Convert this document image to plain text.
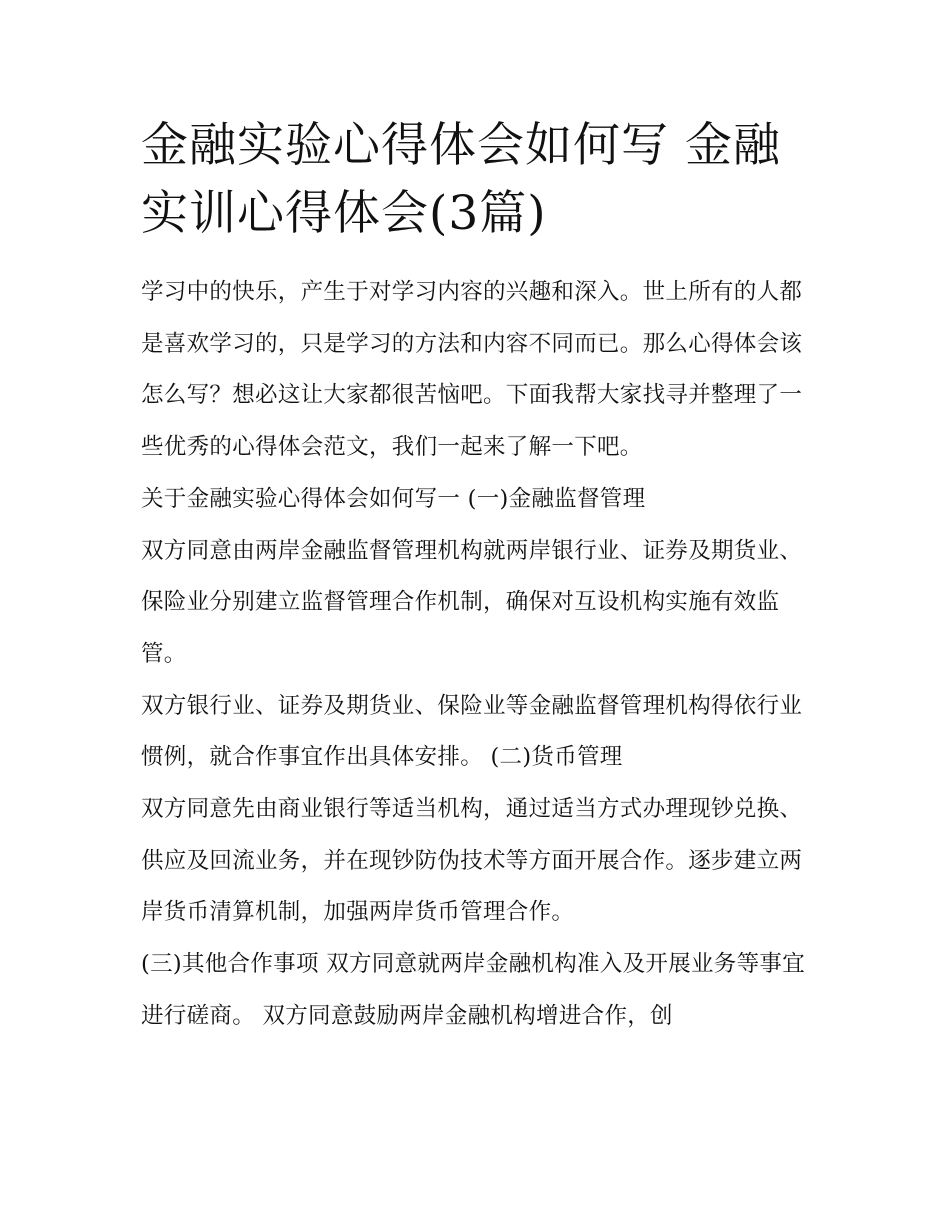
金融实验心得体会如何写 金融实训心得体会(3篇)

学习中的快乐，产生于对学习内容的兴趣和深入。世上所有的人都是喜欢学习的，只是学习的方法和内容不同而已。那么心得体会该怎么写？想必这让大家都很苦恼吧。下面我帮大家找寻并整理了一些优秀的心得体会范文，我们一起来了解一下吧。

关于金融实验心得体会如何写一 (一)金融监督管理

双方同意由两岸金融监督管理机构就两岸银行业、证券及期货业、保险业分别建立监督管理合作机制，确保对互设机构实施有效监管。

双方银行业、证券及期货业、保险业等金融监督管理机构得依行业惯例，就合作事宜作出具体安排。 (二)货币管理

双方同意先由商业银行等适当机构，通过适当方式办理现钞兑换、供应及回流业务，并在现钞防伪技术等方面开展合作。逐步建立两岸货币清算机制，加强两岸货币管理合作。

(三)其他合作事项 双方同意就两岸金融机构准入及开展业务等事宜进行磋商。 双方同意鼓励两岸金融机构增进合作，创
